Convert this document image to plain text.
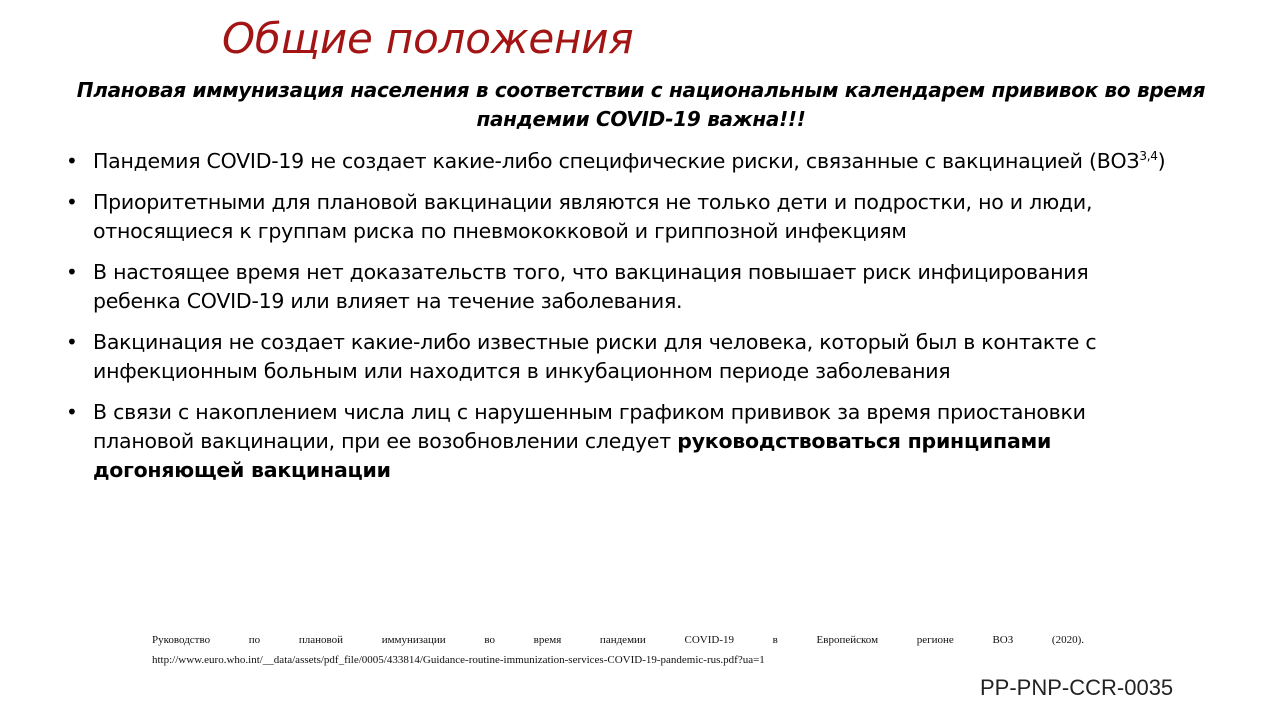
Общие положения
Плановая иммунизация населения в соответствии с национальным календарем прививок во время пандемии COVID-19 важна!!!
• Пандемия COVID-19 не создает какие-либо специфические риски, связанные с вакцинацией (ВОЗ$^{3,4}$)
• Приоритетными для плановой вакцинации являются не только дети и подростки, но и люди, относящиеся к группам риска по пневмококковой и гриппозной инфекциям
• В настоящее время нет доказательств того, что вакцинация повышает риск инфицирования ребенка COVID-19 или влияет на течение заболевания.
• Вакцинация не создает какие-либо известные риски для человека, который был в контакте с инфекционным больным или находится в инкубационном периоде заболевания
• В связи с накоплением числа лиц с нарушенным графиком прививок за время приостановки плановой вакцинации, при ее возобновлении следует руководствоваться принципами догоняющей вакцинации
Руководство по плановой иммунизации во время пандемии COVID-19 в Европейском регионе ВОЗ (2020).
http://www.euro.who.int/__data/assets/pdf_file/0005/433814/Guidance-routine-immunization-services-COVID-19-pandemic-rus.pdf?ua=1
PP-PNP-CCR-0035
